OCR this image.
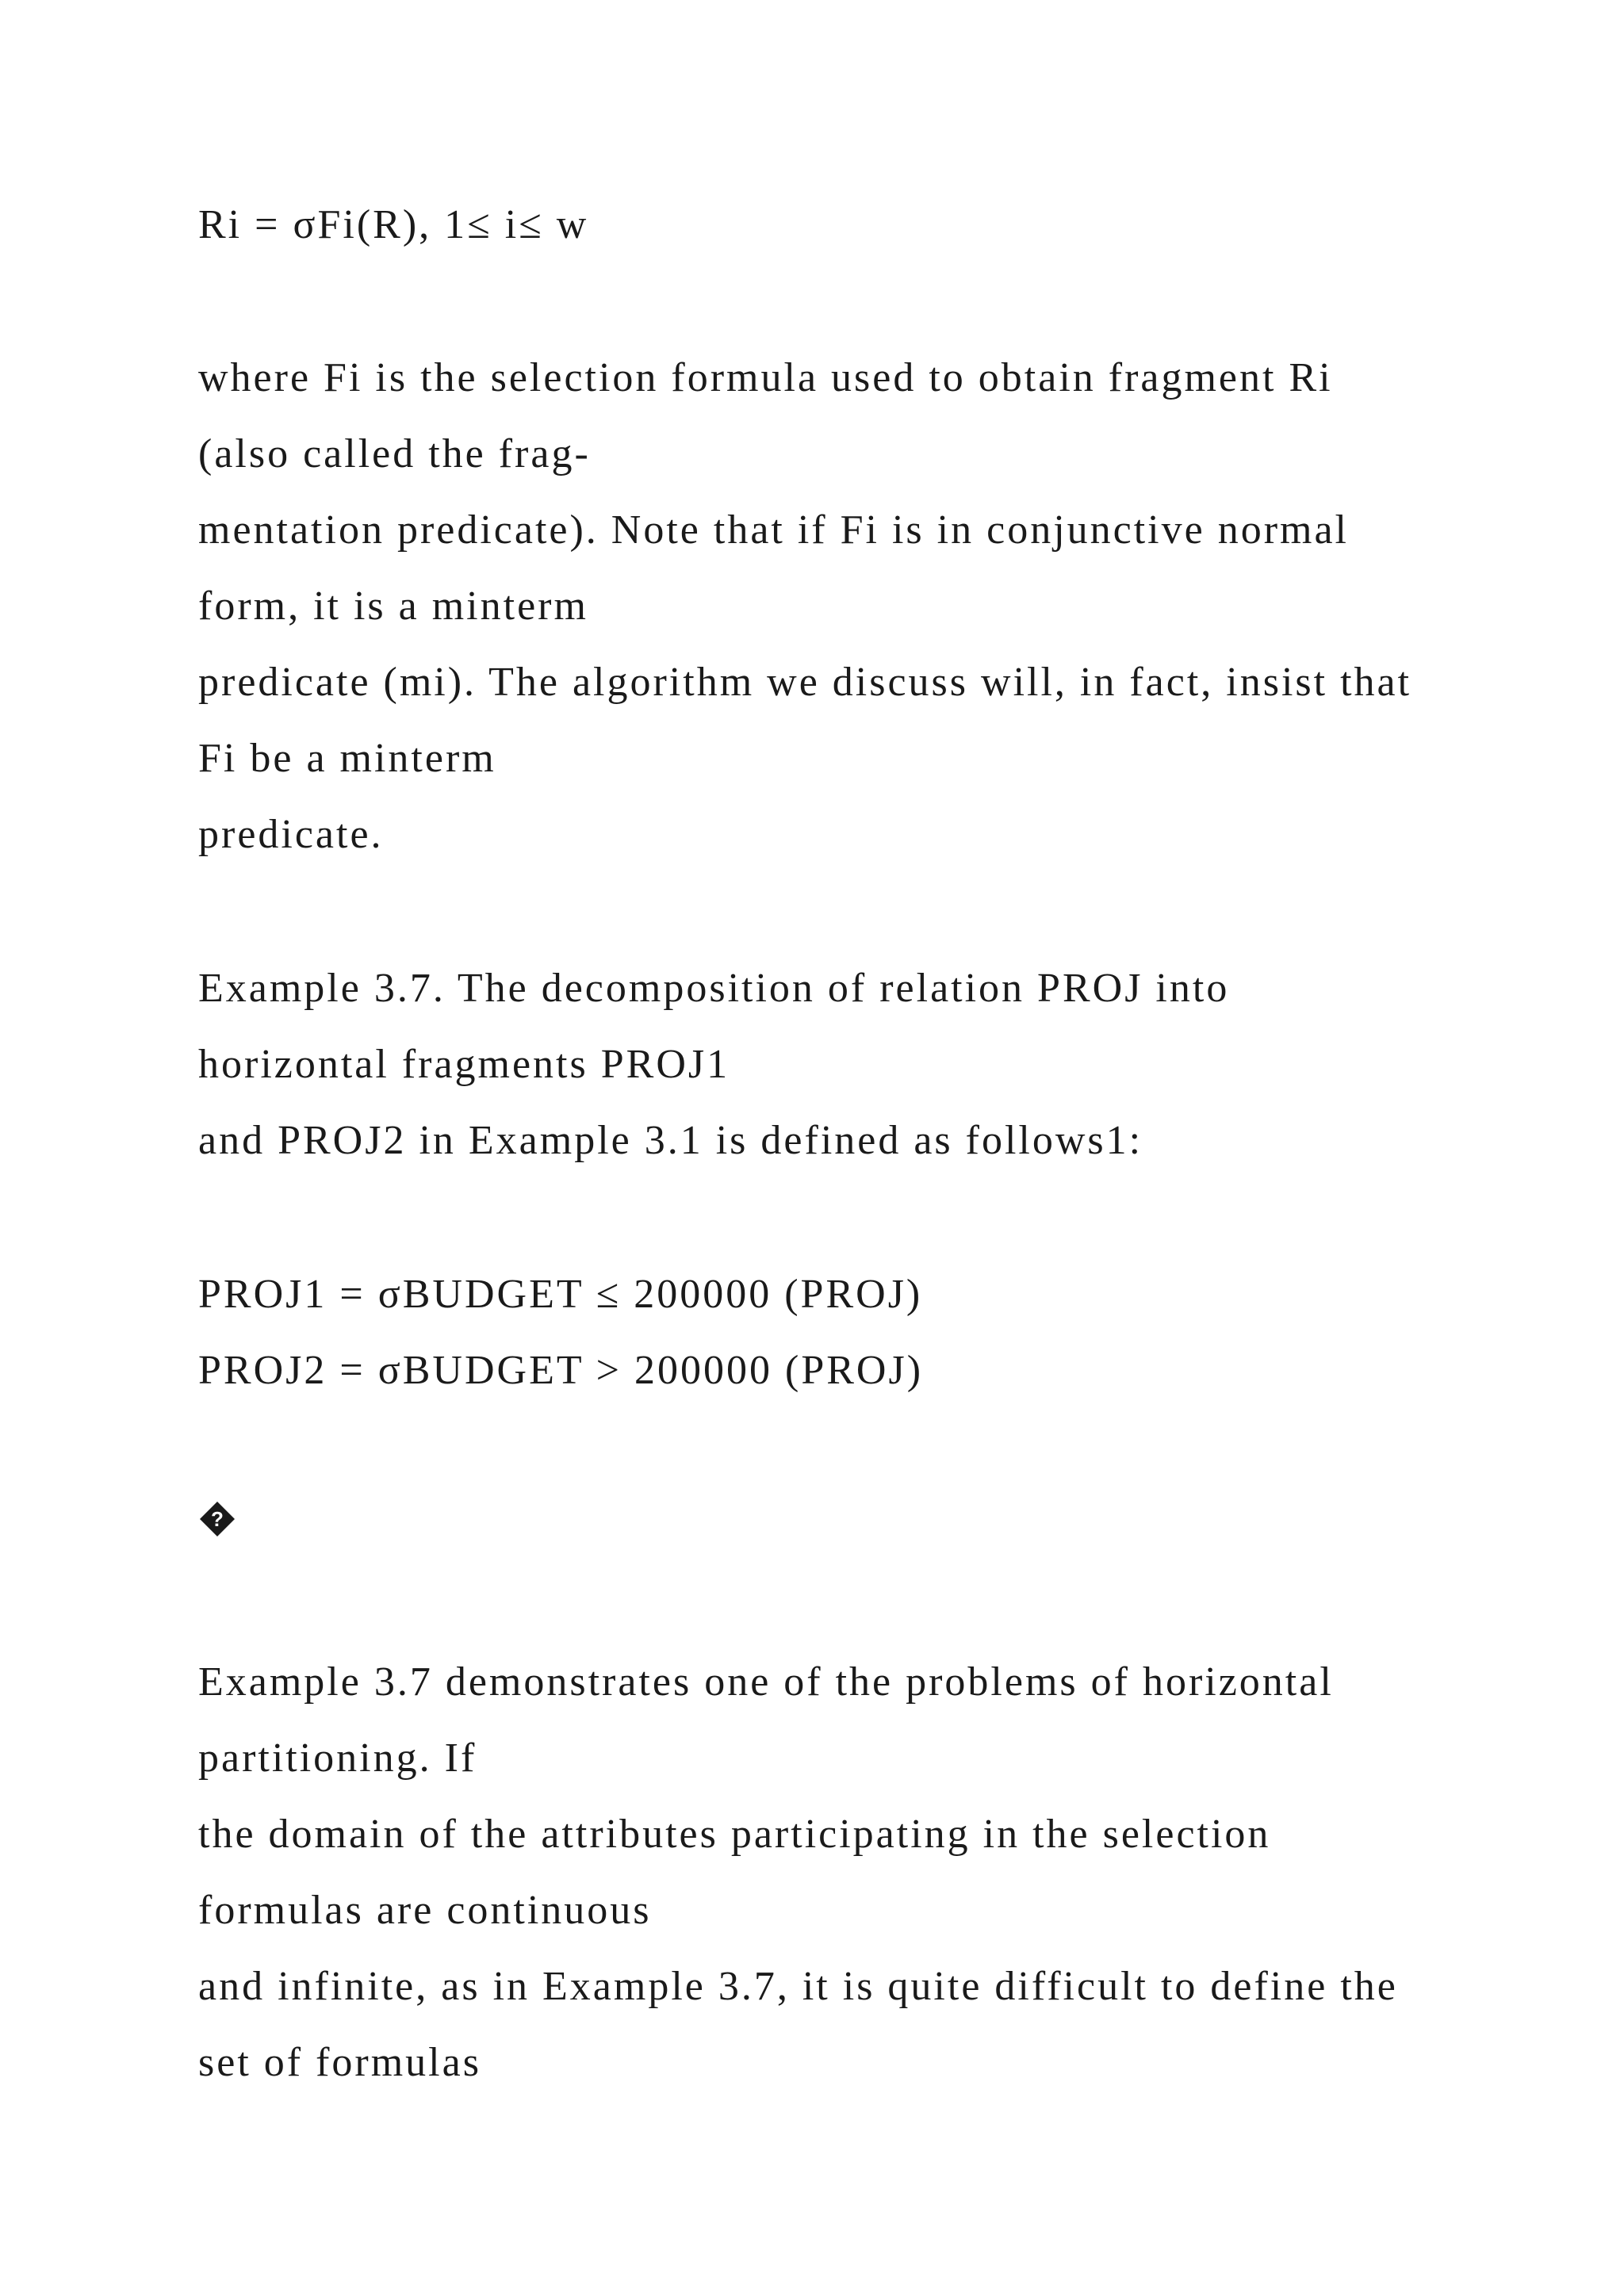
Ri = σFi(R), 1≤ i≤ w
where Fi is the selection formula used to obtain fragment Ri
(also called the frag-
mentation predicate). Note that if Fi is in conjunctive normal
form, it is a minterm
predicate (mi). The algorithm we discuss will, in fact, insist that
Fi be a minterm
predicate.
Example 3.7. The decomposition of relation PROJ into
horizontal fragments PROJ1
and PROJ2 in Example 3.1 is defined as follows1:
PROJ1 = σBUDGET ≤ 200000 (PROJ)
PROJ2 = σBUDGET > 200000 (PROJ)
?
Example 3.7 demonstrates one of the problems of horizontal
partitioning. If
the domain of the attributes participating in the selection
formulas are continuous
and infinite, as in Example 3.7, it is quite difficult to define the
set of formulas
